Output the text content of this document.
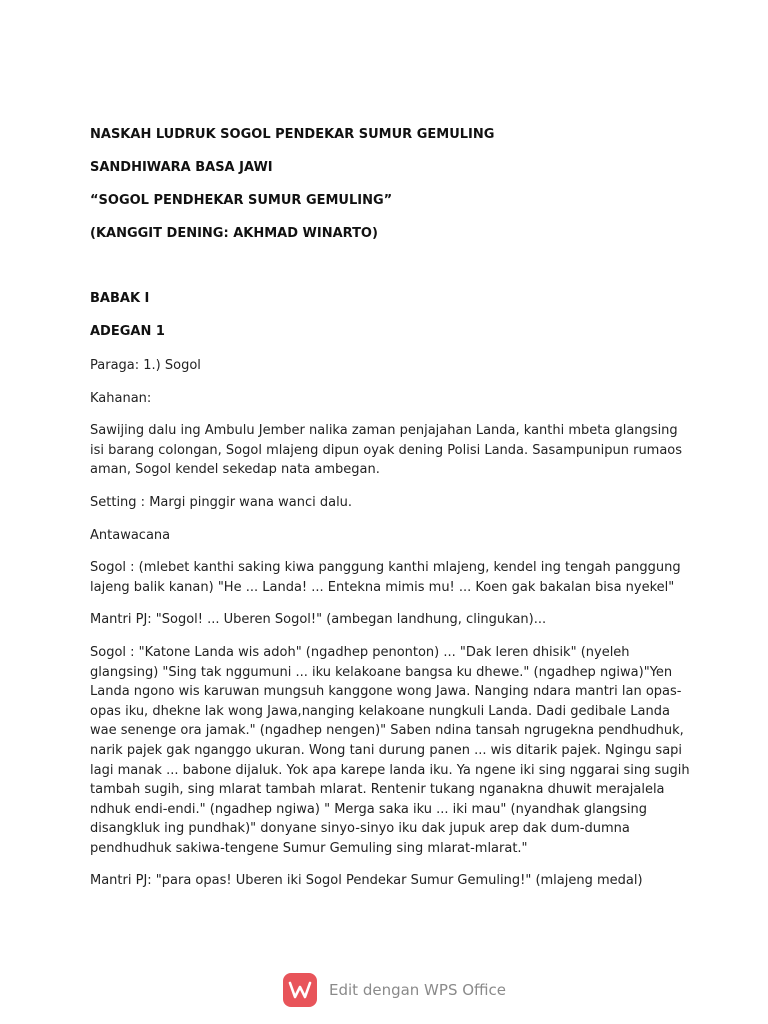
NASKAH LUDRUK SOGOL PENDEKAR SUMUR GEMULING
SANDHIWARA BASA JAWI
“SOGOL PENDHEKAR SUMUR GEMULING”
(KANGGIT DENING: AKHMAD WINARTO)
BABAK I
ADEGAN 1

Paraga: 1.) Sogol

Kahanan:

Sawijing dalu ing Ambulu Jember nalika zaman penjajahan Landa, kanthi mbeta glangsing isi barang colongan, Sogol mlajeng dipun oyak dening Polisi Landa. Sasampunipun rumaos aman, Sogol kendel sekedap nata ambegan.

Setting : Margi pinggir wana wanci dalu.

Antawacana

Sogol : (mlebet kanthi saking kiwa panggung kanthi mlajeng, kendel ing tengah panggung lajeng balik kanan) "He ... Landa! ... Entekna mimis mu! ... Koen gak bakalan bisa nyekel"

Mantri PJ: "Sogol! ... Uberen Sogol!" (ambegan landhung, clingukan)...

Sogol : "Katone Landa wis adoh" (ngadhep penonton) ... "Dak leren dhisik" (nyeleh glangsing) "Sing tak nggumuni ... iku kelakoane bangsa ku dhewe." (ngadhep ngiwa)"Yen Landa ngono wis karuwan mungsuh kanggone wong Jawa. Nanging ndara mantri lan opas-opas iku, dhekne lak wong Jawa,nanging kelakoane nungkuli Landa. Dadi gedibale Landa wae senenge ora jamak." (ngadhep nengen)" Saben ndina tansah ngrugekna pendhudhuk, narik pajek gak nganggo ukuran. Wong tani durung panen ... wis ditarik pajek. Ngingu sapi lagi manak ... babone dijaluk. Yok apa karepe landa iku. Ya ngene iki sing nggarai sing sugih tambah sugih, sing mlarat tambah mlarat. Rentenir tukang nganakna dhuwit merajalela ndhuk endi-endi." (ngadhep ngiwa) " Merga saka iku ... iki mau" (nyandhak glangsing disangkluk ing pundhak)" donyane sinyo-sinyo iku dak jupuk arep dak dum-dumna pendhudhuk sakiwa-tengene Sumur Gemuling sing mlarat-mlarat."

Mantri PJ: "para opas! Uberen iki Sogol Pendekar Sumur Gemuling!" (mlajeng medal)

Edit dengan WPS Office
